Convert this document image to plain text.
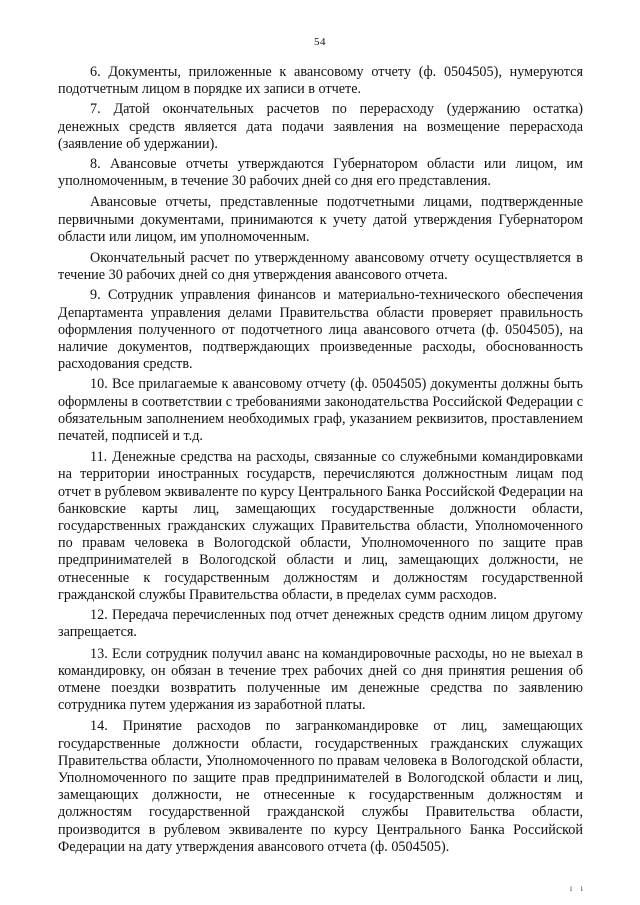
54

6. Документы, приложенные к авансовому отчету (ф. 0504505), нумеруются подотчетным лицом в порядке их записи в отчете.

7. Датой окончательных расчетов по перерасходу (удержанию остатка) денежных средств является дата подачи заявления на возмещение перерасхода (заявление об удержании).

8. Авансовые отчеты утверждаются Губернатором области или лицом, им уполномоченным, в течение 30 рабочих дней со дня его представления.

Авансовые отчеты, представленные подотчетными лицами, подтвержденные первичными документами, принимаются к учету датой утверждения Губернатором области или лицом, им уполномоченным.

Окончательный расчет по утвержденному авансовому отчету осуществляется в течение 30 рабочих дней со дня утверждения авансового отчета.

9. Сотрудник управления финансов и материально-технического обеспечения Департамента управления делами Правительства области проверяет правильность оформления полученного от подотчетного лица авансового отчета (ф. 0504505), на наличие документов, подтверждающих произведенные расходы, обоснованность расходования средств.

10. Все прилагаемые к авансовому отчету (ф. 0504505) документы должны быть оформлены в соответствии с требованиями законодательства Российской Федерации с обязательным заполнением необходимых граф, указанием реквизитов, проставлением печатей, подписей и т.д.

11. Денежные средства на расходы, связанные со служебными командировками на территории иностранных государств, перечисляются должностным лицам под отчет в рублевом эквиваленте по курсу Центрального Банка Российской Федерации на банковские карты лиц, замещающих государственные должности области, государственных гражданских служащих Правительства области, Уполномоченного по правам человека в Вологодской области, Уполномоченного по защите прав предпринимателей в Вологодской области и лиц, замещающих должности, не отнесенные к государственным должностям и должностям государственной гражданской службы Правительства области, в пределах сумм расходов.

12. Передача перечисленных под отчет денежных средств одним лицом другому запрещается.

13. Если сотрудник получил аванс на командировочные расходы, но не выехал в командировку, он обязан в течение трех рабочих дней со дня принятия решения об отмене поездки возвратить полученные им денежные средства по заявлению сотрудника путем удержания из заработной платы.

14. Принятие расходов по загранкомандировке от лиц, замещающих государственные должности области, государственных гражданских служащих Правительства области, Уполномоченного по правам человека в Вологодской области, Уполномоченного по защите прав предпринимателей в Вологодской области и лиц, замещающих должности, не отнесенные к государственным должностям и должностям государственной гражданской службы Правительства области, производится в рублевом эквиваленте по курсу Центрального Банка Российской Федерации на дату утверждения авансового отчета (ф. 0504505).

ı ı
